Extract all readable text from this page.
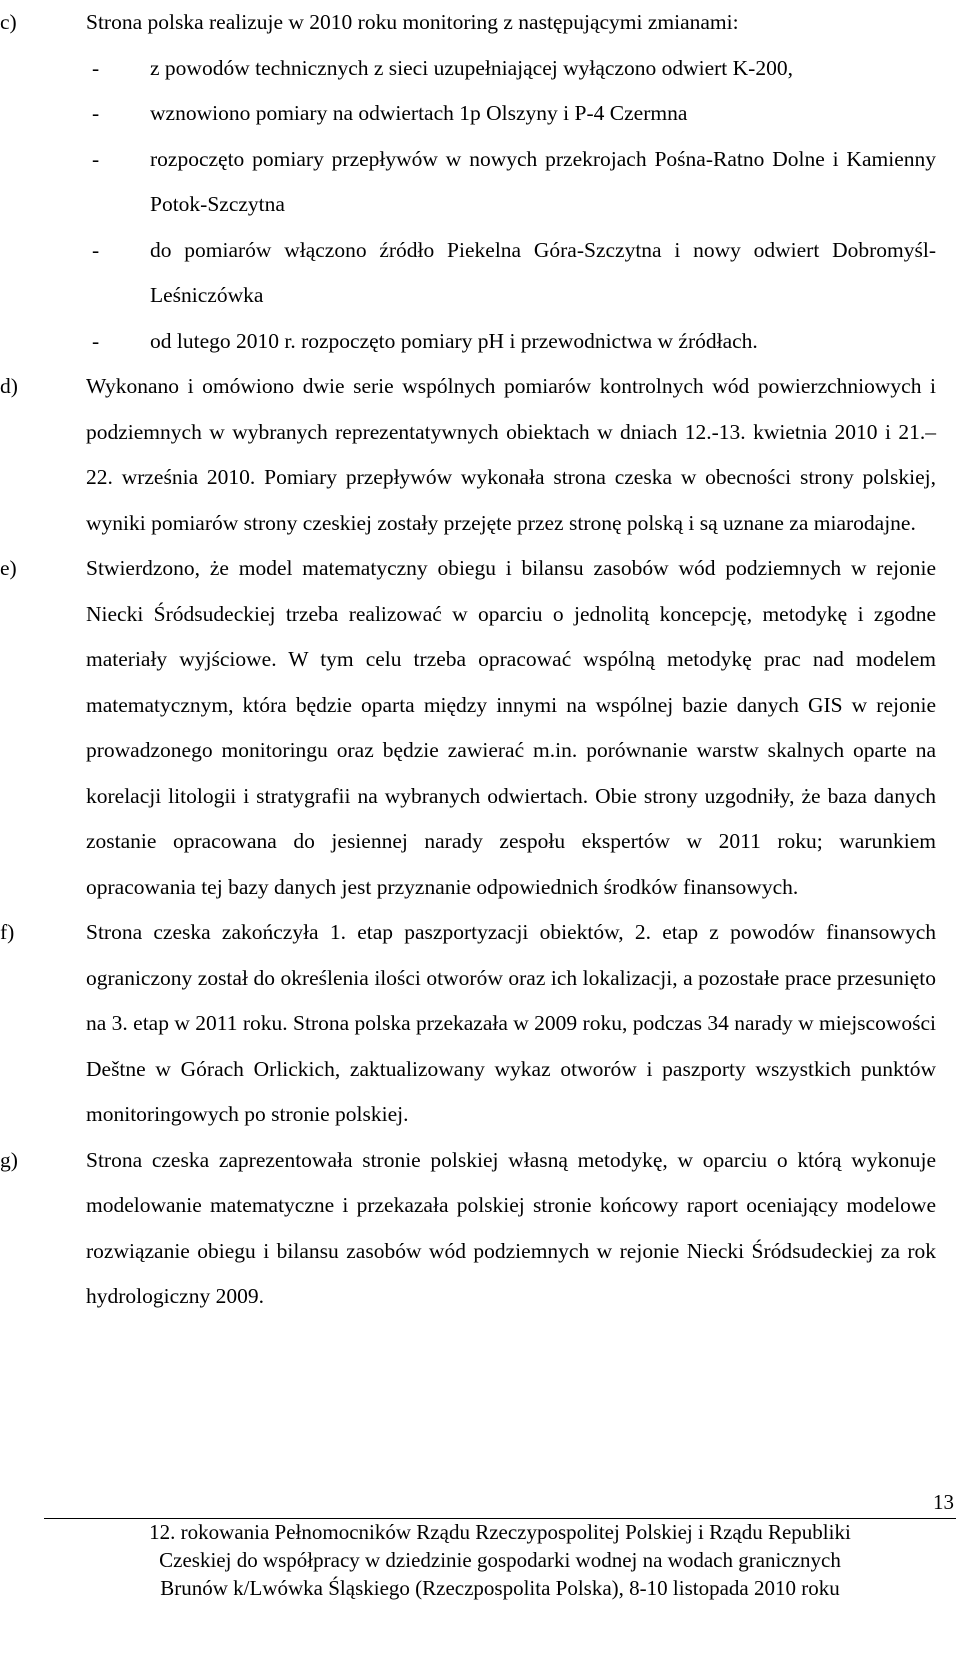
c)	Strona polska realizuje w 2010 roku monitoring z następującymi zmianami:
- z powodów technicznych z sieci uzupełniającej wyłączono odwiert K-200,
- wznowiono pomiary na odwiertach 1p Olszyny i P-4 Czermna
- rozpoczęto pomiary przepływów w nowych przekrojach Pośna-Ratno Dolne i Kamienny Potok-Szczytna
- do pomiarów włączono źródło Piekelna Góra-Szczytna i nowy odwiert Dobromyśl-Leśniczówka
- od lutego 2010 r. rozpoczęto pomiary pH i przewodnictwa w źródłach.
d)	Wykonano i omówiono dwie serie wspólnych pomiarów kontrolnych wód powierzchniowych i podziemnych w wybranych reprezentatywnych obiektach w dniach 12.-13. kwietnia 2010 i 21.–22. września 2010. Pomiary przepływów wykonała strona czeska w obecności strony polskiej, wyniki pomiarów strony czeskiej zostały przejęte przez stronę polską i są uznane za miarodajne.
e)	Stwierdzono, że model matematyczny obiegu i bilansu zasobów wód podziemnych w rejonie Niecki Śródsudeckiej trzeba realizować w oparciu o jednolitą koncepcję, metodykę i zgodne materiały wyjściowe. W tym celu trzeba opracować wspólną metodykę prac nad modelem matematycznym, która będzie oparta między innymi na wspólnej bazie danych GIS w rejonie prowadzonego monitoringu oraz będzie zawierać m.in. porównanie warstw skalnych oparte na korelacji litologii i stratygrafii na wybranych odwiertach. Obie strony uzgodniły, że baza danych zostanie opracowana do jesiennej narady zespołu ekspertów w 2011 roku; warunkiem opracowania tej bazy danych jest przyznanie odpowiednich środków finansowych.
f)	Strona czeska zakończyła 1. etap paszportyzacji obiektów, 2. etap z powodów finansowych ograniczony został do określenia ilości otworów oraz ich lokalizacji, a pozostałe prace przesunięto na 3. etap w 2011 roku. Strona polska przekazała w 2009 roku, podczas 34 narady w miejscowości Deštne w Górach Orlickich, zaktualizowany wykaz otworów i paszporty wszystkich punktów monitoringowych po stronie polskiej.
g)	Strona czeska zaprezentowała stronie polskiej własną metodykę, w oparciu o którą wykonuje modelowanie matematyczne i przekazała polskiej stronie końcowy raport oceniający modelowe rozwiązanie obiegu i bilansu zasobów wód podziemnych w rejonie Niecki Śródsudeckiej za rok hydrologiczny 2009.
13
12. rokowania Pełnomocników Rządu Rzeczypospolitej Polskiej i Rządu Republiki
Czeskiej do współpracy w dziedzinie gospodarki wodnej na wodach granicznych
Brunów k/Lwówka Śląskiego (Rzeczpospolita Polska), 8-10 listopada 2010 roku
